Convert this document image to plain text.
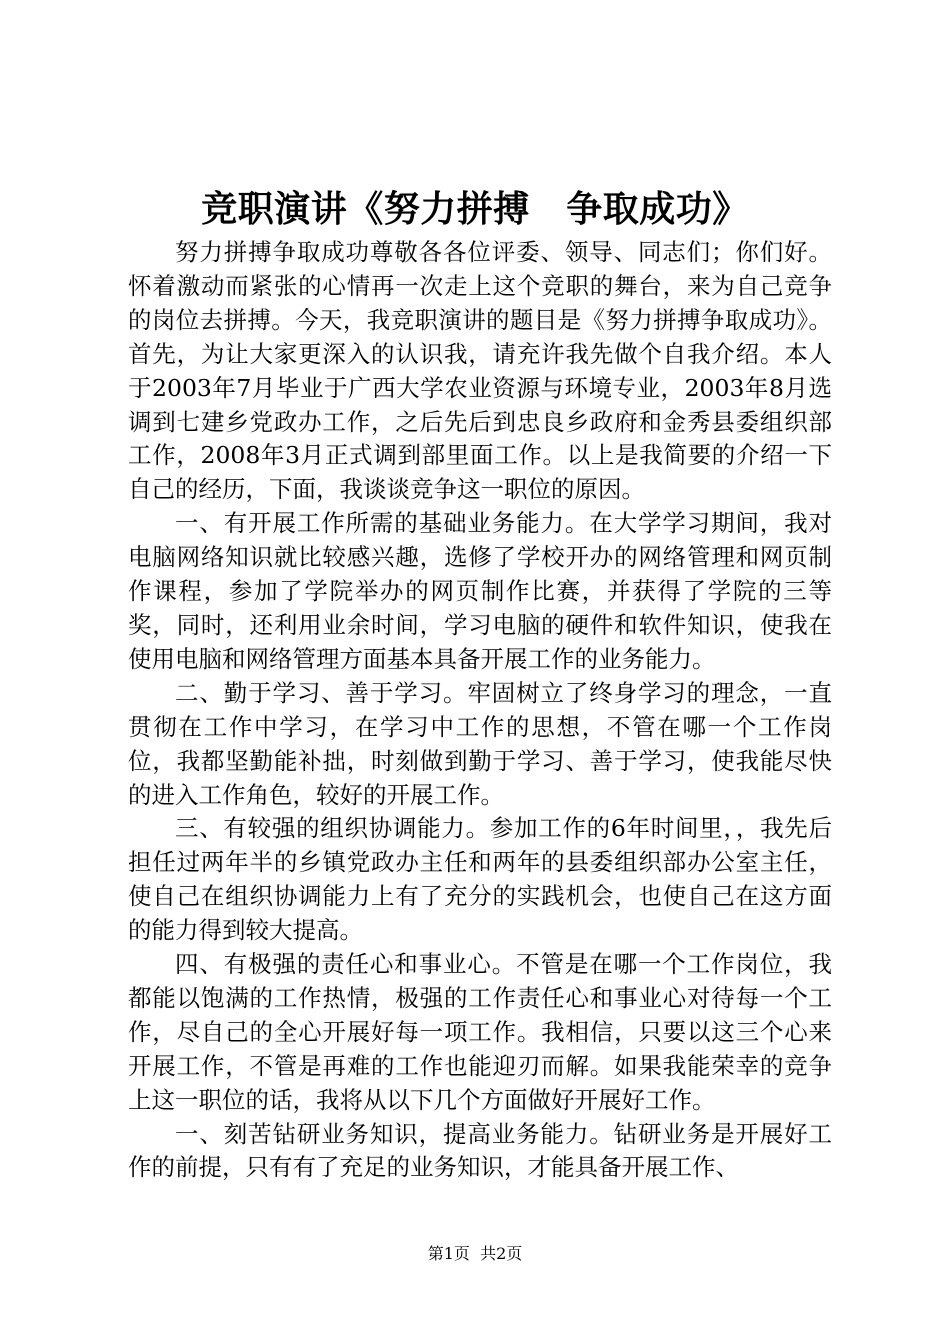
竞职演讲《努力拼搏　争取成功》

努力拼搏争取成功尊敬各各位评委、领导、同志们；你们好。怀着激动而紧张的心情再一次走上这个竞职的舞台，来为自己竞争的岗位去拼搏。今天，我竞职演讲的题目是《努力拼搏争取成功》。首先，为让大家更深入的认识我，请充许我先做个自我介绍。本人于2003年7月毕业于广西大学农业资源与环境专业，2003年8月选调到七建乡党政办工作，之后先后到忠良乡政府和金秀县委组织部工作，2008年3月正式调到部里面工作。以上是我简要的介绍一下自己的经历，下面，我谈谈竞争这一职位的原因。

一、有开展工作所需的基础业务能力。在大学学习期间，我对电脑网络知识就比较感兴趣，选修了学校开办的网络管理和网页制作课程，参加了学院举办的网页制作比赛，并获得了学院的三等奖，同时，还利用业余时间，学习电脑的硬件和软件知识，使我在使用电脑和网络管理方面基本具备开展工作的业务能力。

二、勤于学习、善于学习。牢固树立了终身学习的理念，一直贯彻在工作中学习，在学习中工作的思想，不管在哪一个工作岗位，我都坚勤能补拙，时刻做到勤于学习、善于学习，使我能尽快的进入工作角色，较好的开展工作。

三、有较强的组织协调能力。参加工作的6年时间里，，我先后担任过两年半的乡镇党政办主任和两年的县委组织部办公室主任，使自己在组织协调能力上有了充分的实践机会，也使自己在这方面的能力得到较大提高。

四、有极强的责任心和事业心。不管是在哪一个工作岗位，我都能以饱满的工作热情，极强的工作责任心和事业心对待每一个工作，尽自己的全心开展好每一项工作。我相信，只要以这三个心来开展工作，不管是再难的工作也能迎刃而解。如果我能荣幸的竞争上这一职位的话，我将从以下几个方面做好开展好工作。

一、刻苦钻研业务知识，提高业务能力。钻研业务是开展好工作的前提，只有有了充足的业务知识，才能具备开展工作、

第1页  共2页
